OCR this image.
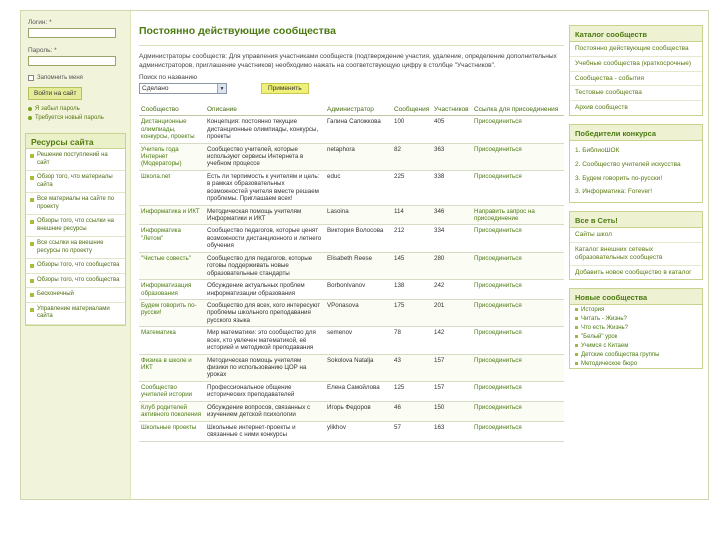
Логин: *
Пароль: *
Запомнить меня
Войти на сайт
Я забыл пароль
Требуется новый пароль
Ресурсы сайта
Решение поступлений на сайт
Обзор того, что материалы сайта
Все материалы на сайте по проекту
Обзоры того, что ссылки на внешние ресурсы
Все ссылки на внешние ресурсы по проекту
Обзоры того, что сообщества
Обзоры того, что сообщества
Бесконечный
Управление материалами сайта
Постоянно действующие сообщества
Администраторы сообществ: Для управления участниками сообществ (подтверждение участия, удаление, определение дополнительных администраторов, приглашение участников) необходимо нажать на соответствующую цифру в столбце "Участников".
Поиск по названию
Сделано	▼	Применить
Сообщество	Описание	Администратор	Сообщения	Участников	Ссылка для присоединения
Дистанционные олимпиады, конкурсы, проекты	Концепция: постоянно текущие дистанционные олимпиады, конкурсы, проекты	Галина Сапожкова	100	405	Присоединиться
Учитель года Интернет (Модераторы)	Сообщество учителей, которые используют сервисы Интернета в учебном процессе	netaphora	82	363	Присоединиться
Школа.net	Есть ли терпимость к учителям и цель: в рамках образовательных возможностей учителя вместе решаем проблемы. Приглашаем всех!	educ	225	338	Присоединиться
Информатика и ИКТ	Методическая помощь учителям Информатики и ИКТ	Lasoina	114	346	Направить запрос на присоединение
Информатика "Летом"	Сообщество педагогов, которые ценят возможности дистанционного и летнего обучения	Виктория Волосова	212	334	Присоединиться
"Чистые совесть"	Сообщество для педагогов, которые готовы поддерживать новые образовательные стандарты	Elisabeth Reese	145	280	Присоединиться
Информатизация образования	Обсуждение актуальных проблем информатизации образования	BorbonIvanov	138	242	Присоединиться
Будем говорить по-русски!	Сообщество для всех, кого интересуют проблемы школьного преподавания русского языка	VPonasova	175	201	Присоединиться
Математика	Мир математики: это сообщество для всех, кто увлечен математикой, её историей и методикой преподавания	semenov	78	142	Присоединиться
Физика в школе и ИКТ	Методическая помощь учителям физики по использованию ЦОР на уроках	Sokolova Natalja	43	157	Присоединиться
Сообщество учителей истории	Профессиональное общение исторических преподавателей	Елена Самойлова	125	157	Присоединиться
Клуб родителей активного поколения	Обсуждение вопросов, связанных с изучением детской психологии	Игорь Федоров	46	150	Присоединиться
Школьные проекты	Школьные интернет-проекты и связанные с ними конкурсы	ylikhov	57	163	Присоединиться
Каталог сообществ
Постоянно действующие сообщества
Учебные сообщества (краткосрочные)
Сообщества - события
Тестовые сообщества
Архив сообществ
Победители конкурса
1. БиблиоШОК
2. Сообщество учителей искусства
3. Будем говорить по-русски!
3. Информатика: Forever!
Все в Сеть!
Сайты школ
Каталог внешних сетевых образовательных сообществ
Добавить новое сообщество в каталог
Новые сообщества
История
Читать - Жизнь?
Что есть Жизнь?
"Белый" урок
Учимся с Китаем
Детские сообщества группы
Методическое бюро
